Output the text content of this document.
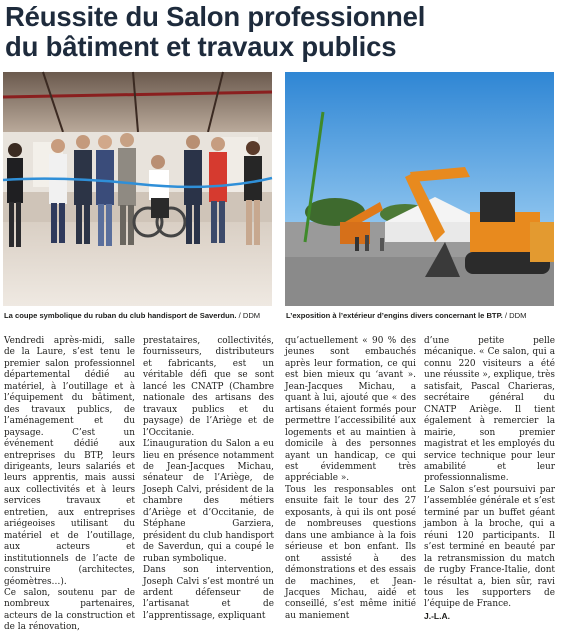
Réussite du Salon professionnel
du bâtiment et travaux publics
La coupe symbolique du ruban du club handisport de Saverdun. / DDM	L’exposition à l’extérieur d’engins divers concernant le BTP. / DDM

Vendredi après-midi, salle de la Laure, s’est tenu le premier salon professionnel départemental dédié au matériel, à l’outillage et à l’équipement du bâtiment, des travaux publics, de l’aménagement et du paysage. C’est un événement dédié aux entreprises du BTP, leurs dirigeants, leurs salariés et leurs apprentis, mais aussi aux collectivités et à leurs services travaux et entretien, aux entreprises ariégeoises utilisant du matériel et de l’outillage, aux acteurs et institutionnels de l’acte de construire (architectes, géomètres…).

Ce salon, soutenu par de nombreux partenaires, acteurs de la construction et de la rénovation,

prestataires, collectivités, fournisseurs, distributeurs et fabricants, est un véritable défi que se sont lancé les CNATP (Chambre nationale des artisans des travaux publics et du paysage) de l’Ariège et de l’Occitanie.

L’inauguration du Salon a eu lieu en présence notamment de Jean-Jacques Michau, sénateur de l’Ariège, de Joseph Calvi, président de la chambre des métiers d’Ariège et d’Occitanie, de Stéphane Garziera, président du club handisport de Saverdun, qui a coupé le ruban symbolique.

Dans son intervention, Joseph Calvi s’est montré un ardent défenseur de l’artisanat et de l’apprentissage, expliquant

qu’actuellement « 90 % des jeunes sont embauchés après leur formation, ce qui est bien mieux qu ‘avant ». Jean-Jacques Michau, a quant à lui, ajouté que « des artisans étaient formés pour permettre l’accessibilité aux logements et au maintien à domicile à des personnes ayant un handicap, ce qui est évidemment très appréciable ».

Tous les responsables ont ensuite fait le tour des 27 exposants, à qui ils ont posé de nombreuses questions dans une ambiance à la fois sérieuse et bon enfant. Ils ont assisté à des démonstrations et des essais de machines, et Jean-Jacques Michau, aidé et conseillé, s’est même initié au maniement

d’une petite pelle mécanique. « Ce salon, qui a connu 220 visiteurs a été une réussite », explique, très satisfait, Pascal Charieras, secrétaire général du CNATP Ariège. Il tient également à remercier la mairie, son premier magistrat et les employés du service technique pour leur amabilité et leur professionnalisme.

Le Salon s’est poursuivi par l’assemblée générale et s’est terminé par un buffet géant jambon à la broche, qui a réuni 120 participants. Il s’est terminé en beauté par la retransmission du match de rugby France-Italie, dont le résultat a, bien sûr, ravi tous les supporters de l’équipe de France.

J.-L.A.
